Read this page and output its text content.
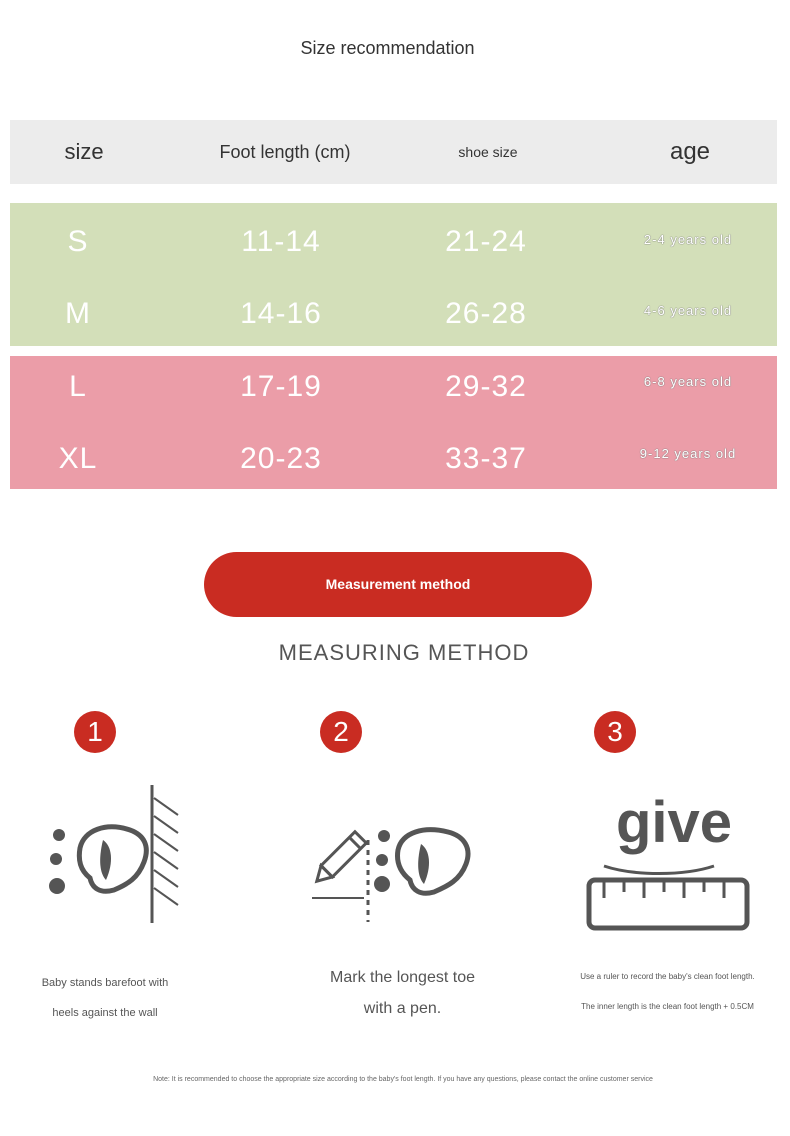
Size recommendation
size	Foot length (cm)	shoe size	age
S	11-14	21-24	2-4 years old
M	14-16	26-28	4-6 years old
L	17-19	29-32	6-8 years old
XL	20-23	33-37	9-12 years old
Measurement method
MEASURING METHOD
1
Baby stands barefoot with
heels against the wall
2
Mark the longest toe
with a pen.
3
give
Use a ruler to record the baby's clean foot length.
The inner length is the clean foot length + 0.5CM
Note: It is recommended to choose the appropriate size according to the baby's foot length. If you have any questions, please contact the online customer service
